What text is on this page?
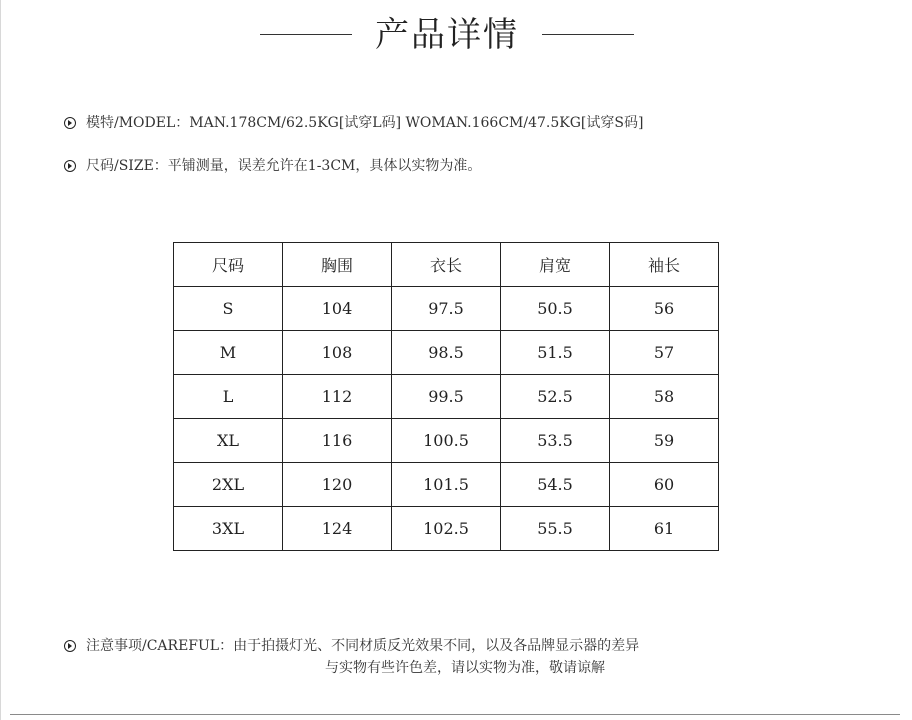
产品详情
模特/MODEL：MAN.178CM/62.5KG[试穿L码] WOMAN.166CM/47.5KG[试穿S码]
尺码/SIZE：平铺测量，误差允许在1-3CM，具体以实物为准。
尺码	胸围	衣长	肩宽	袖长
S	104	97.5	50.5	56
M	108	98.5	51.5	57
L	112	99.5	52.5	58
XL	116	100.5	53.5	59
2XL	120	101.5	54.5	60
3XL	124	102.5	55.5	61
注意事项/CAREFUL：由于拍摄灯光、不同材质反光效果不同，以及各品牌显示器的差异
与实物有些许色差，请以实物为准，敬请谅解
